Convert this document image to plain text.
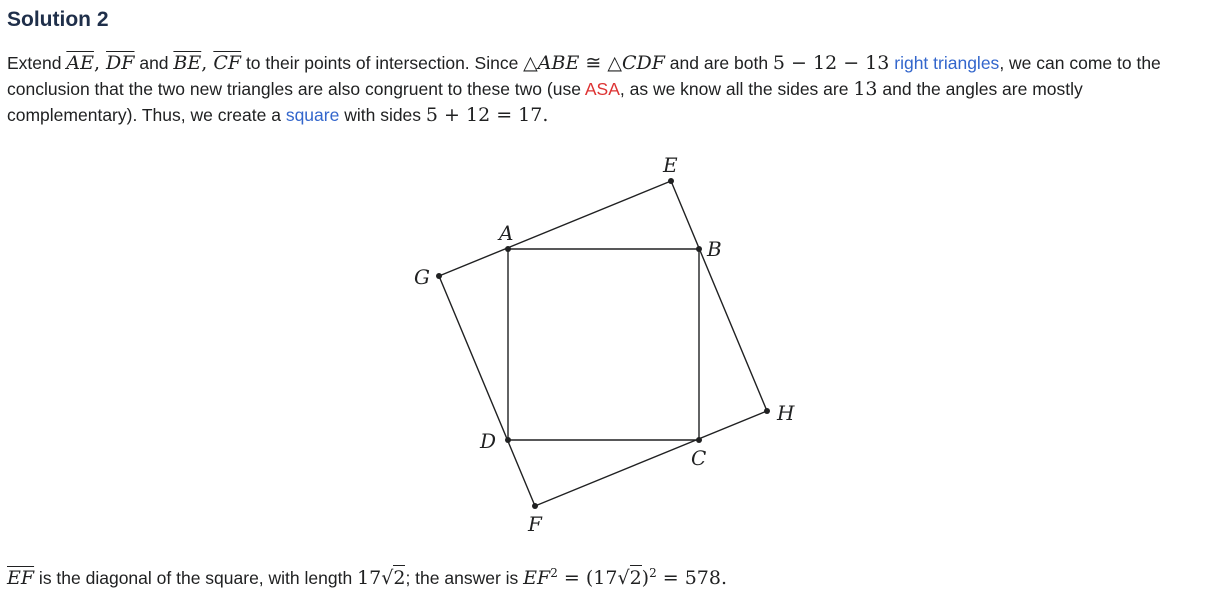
Solution 2

Extend $\overline{AE}$, $\overline{DF}$ and $\overline{BE}$, $\overline{CF}$ to their points of intersection. Since △ABE ≅ △CDF and are both 5 − 12 − 13 right triangles, we can come to the conclusion that the two new triangles are also congruent to these two (use ASA, as we know all the sides are 13 and the angles are mostly complementary). Thus, we create a square with sides 5 + 12 = 17.

E
A
B
G
H
D
C
F

$\overline{EF}$ is the diagonal of the square, with length 17√2; the answer is $EF^2 = (17√2)^2 = 578$.
